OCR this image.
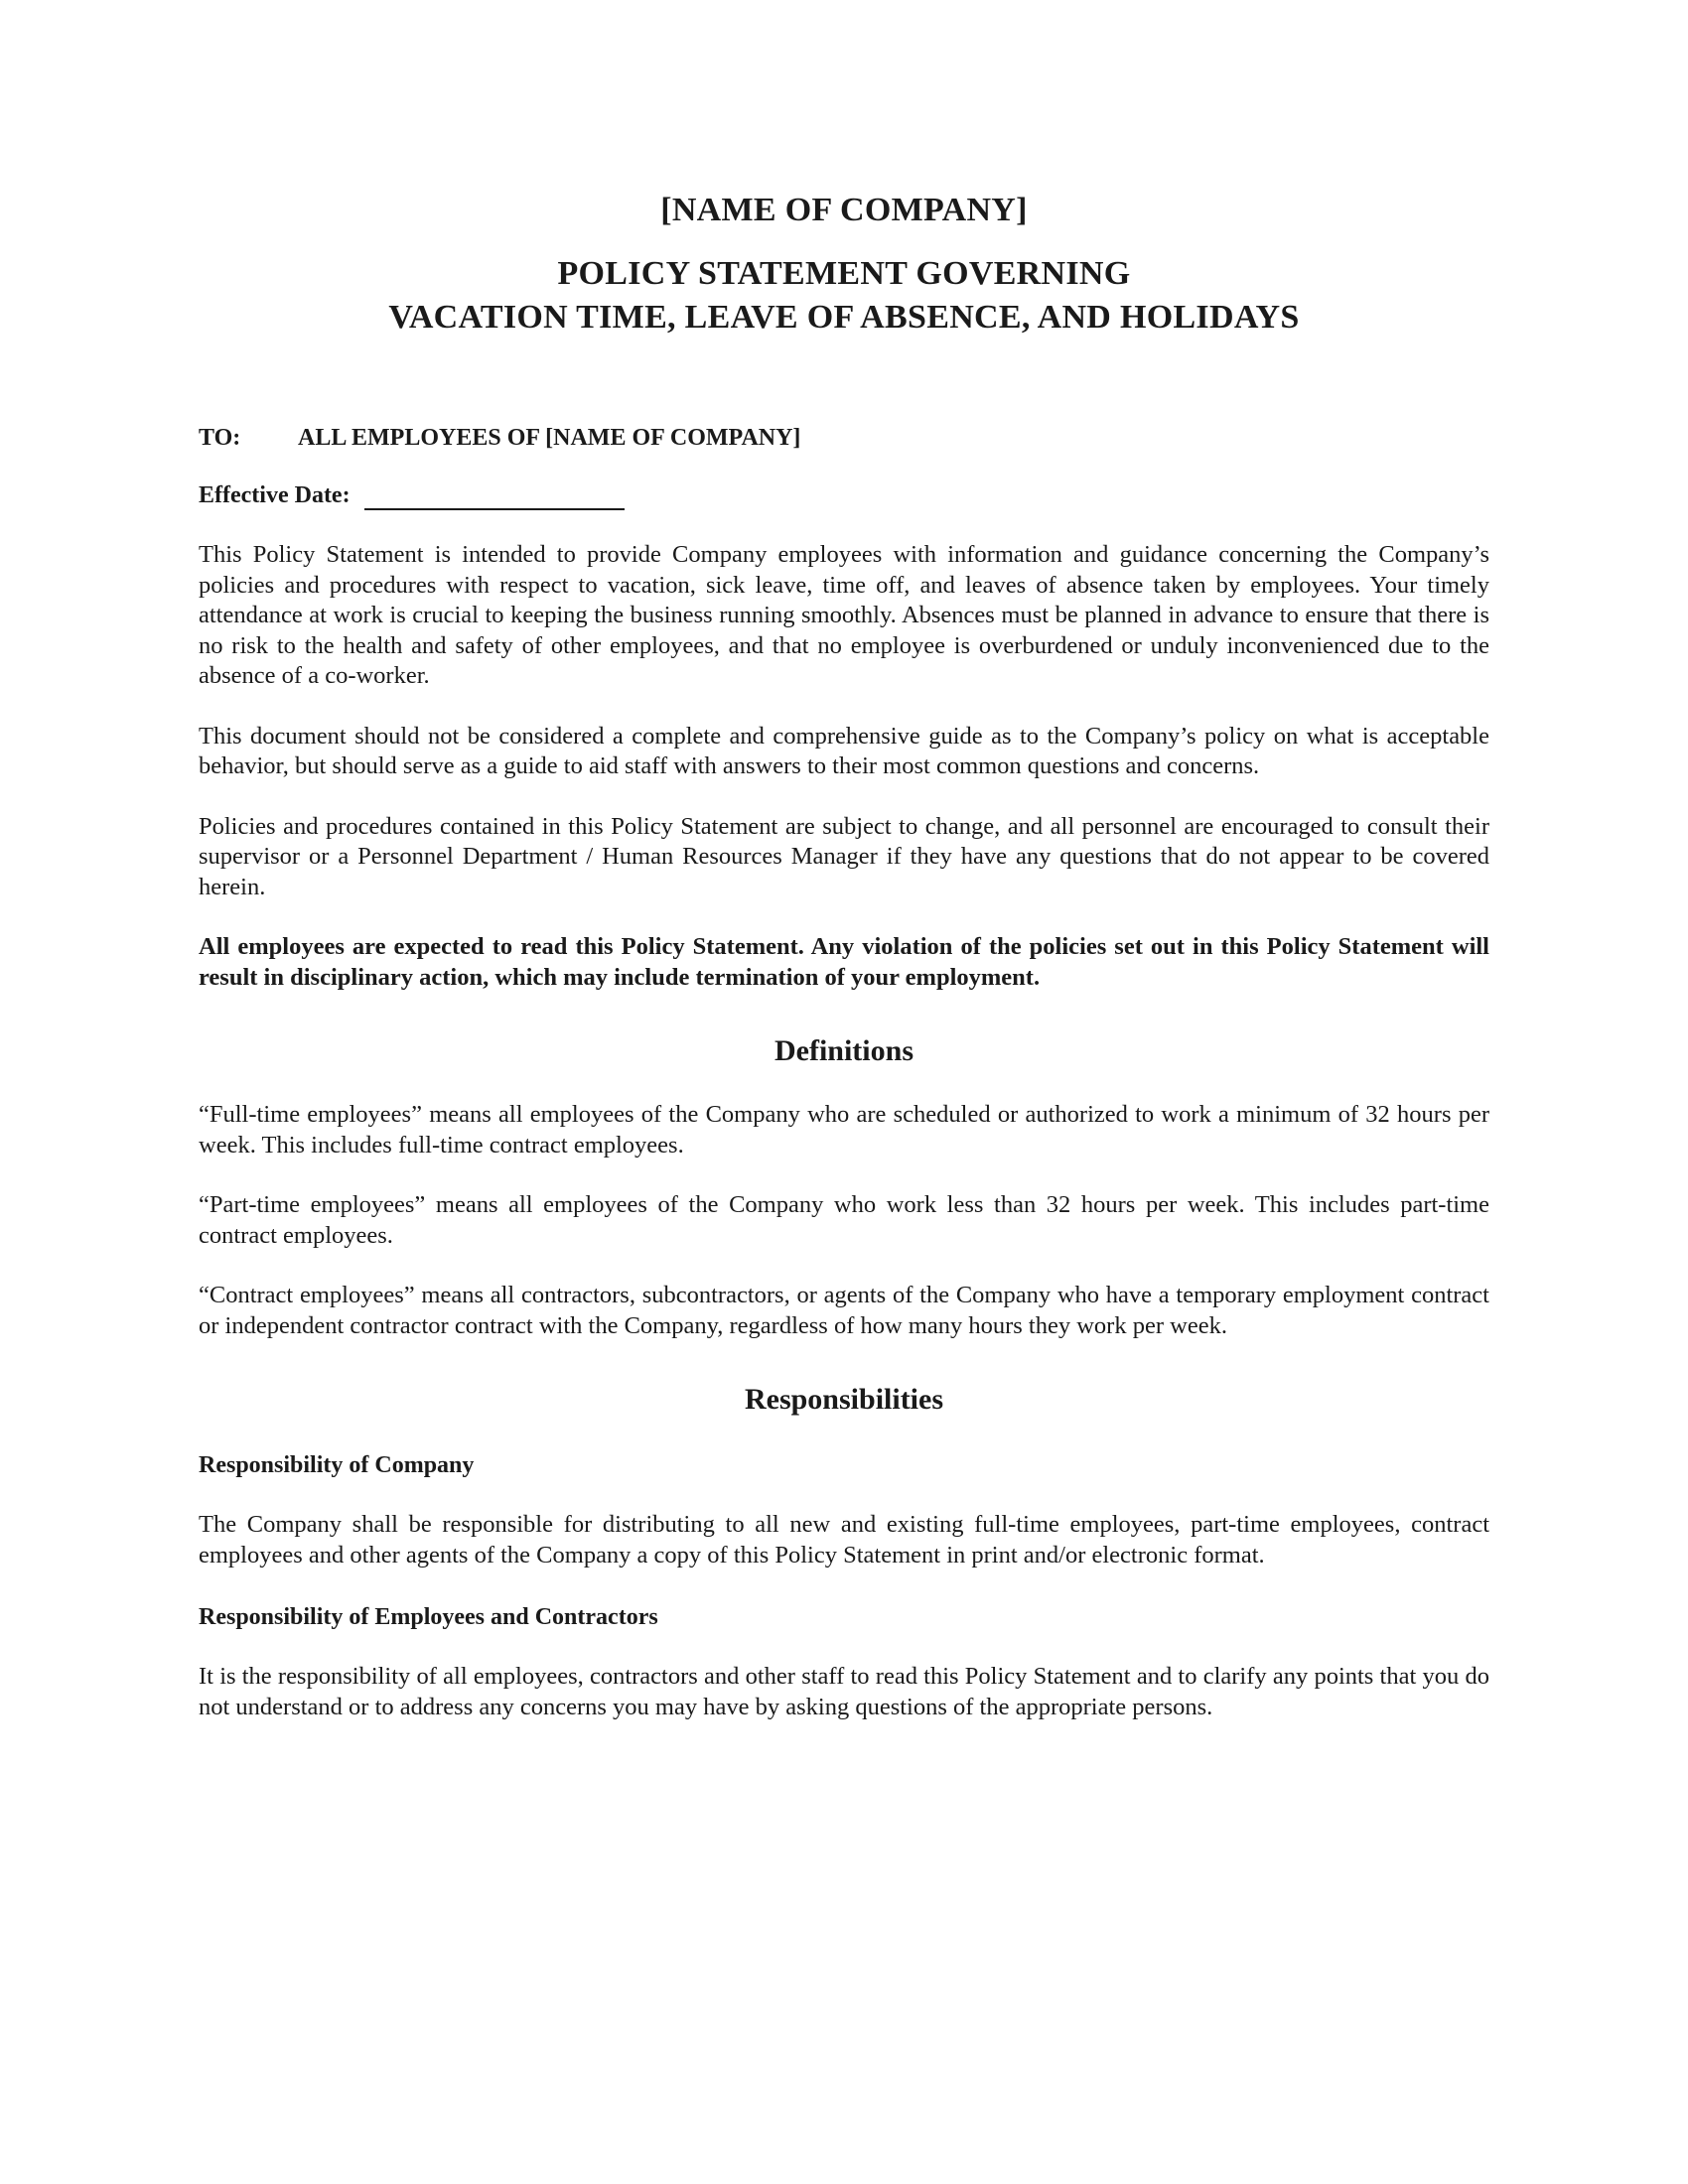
[NAME OF COMPANY]
POLICY STATEMENT GOVERNING
VACATION TIME, LEAVE OF ABSENCE, AND HOLIDAYS
TO:	ALL EMPLOYEES OF [NAME OF COMPANY]
Effective Date:

This Policy Statement is intended to provide Company employees with information and guidance concerning the Company’s policies and procedures with respect to vacation, sick leave, time off, and leaves of absence taken by employees. Your timely attendance at work is crucial to keeping the business running smoothly. Absences must be planned in advance to ensure that there is no risk to the health and safety of other employees, and that no employee is overburdened or unduly inconvenienced due to the absence of a co-worker.

This document should not be considered a complete and comprehensive guide as to the Company’s policy on what is acceptable behavior, but should serve as a guide to aid staff with answers to their most common questions and concerns.

Policies and procedures contained in this Policy Statement are subject to change, and all personnel are encouraged to consult their supervisor or a Personnel Department / Human Resources Manager if they have any questions that do not appear to be covered herein.

All employees are expected to read this Policy Statement. Any violation of the policies set out in this Policy Statement will result in disciplinary action, which may include termination of your employment.

Definitions

“Full-time employees” means all employees of the Company who are scheduled or authorized to work a minimum of 32 hours per week. This includes full-time contract employees.

“Part-time employees” means all employees of the Company who work less than 32 hours per week. This includes part-time contract employees.

“Contract employees” means all contractors, subcontractors, or agents of the Company who have a temporary employment contract or independent contractor contract with the Company, regardless of how many hours they work per week.

Responsibilities
Responsibility of Company

The Company shall be responsible for distributing to all new and existing full-time employees, part-time employees, contract employees and other agents of the Company a copy of this Policy Statement in print and/or electronic format.

Responsibility of Employees and Contractors

It is the responsibility of all employees, contractors and other staff to read this Policy Statement and to clarify any points that you do not understand or to address any concerns you may have by asking questions of the appropriate persons.
